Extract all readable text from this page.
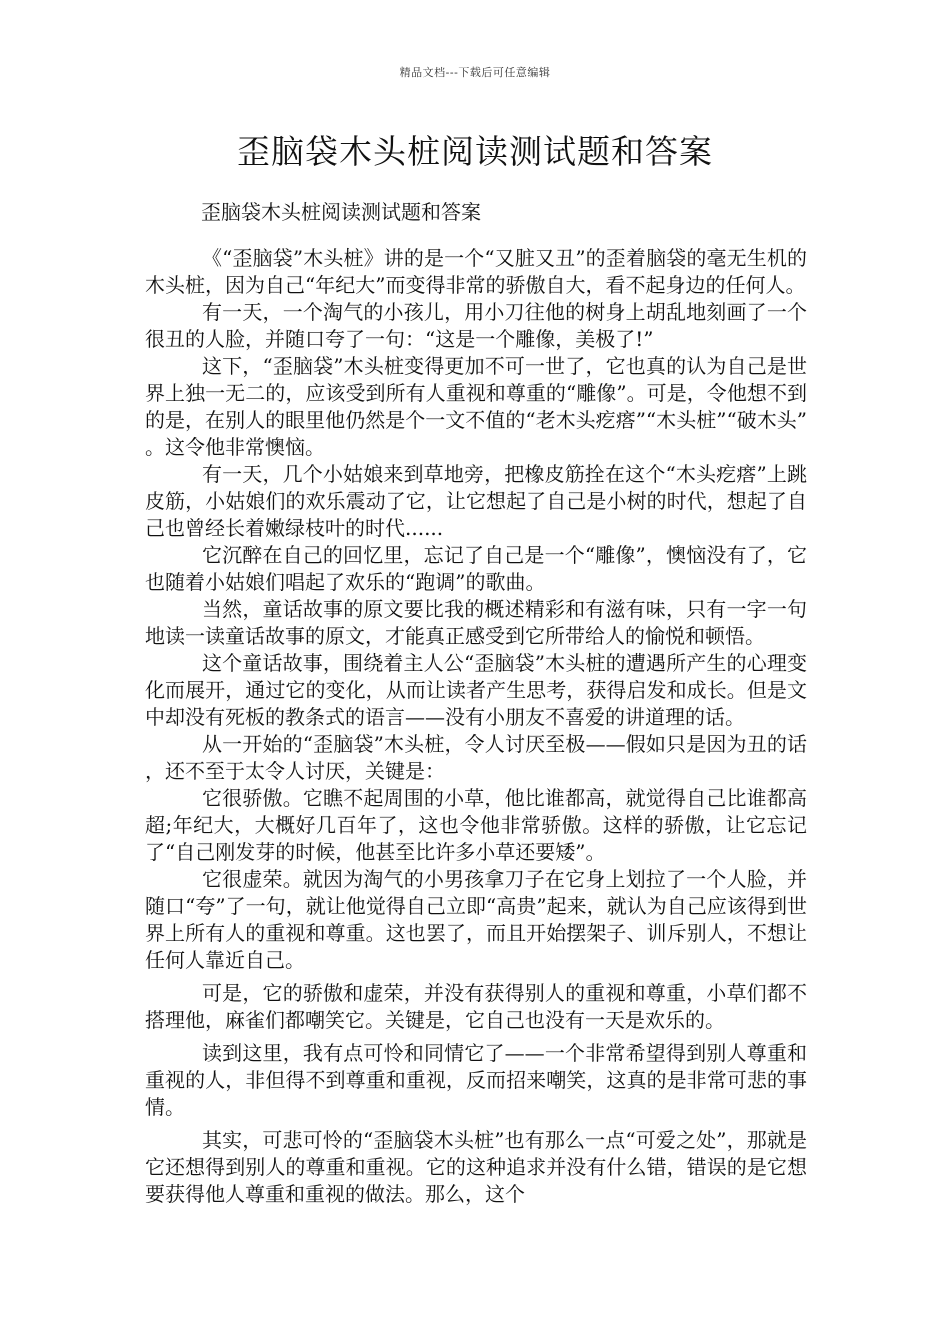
精品文档---下载后可任意编辑
歪脑袋木头桩阅读测试题和答案

歪脑袋木头桩阅读测试题和答案

《“歪脑袋”木头桩》讲的是一个“又脏又丑”的歪着脑袋的毫无生机的木头桩，因为自己“年纪大”而变得非常的骄傲自大，看不起身边的任何人。

有一天，一个淘气的小孩儿，用小刀往他的树身上胡乱地刻画了一个很丑的人脸，并随口夸了一句：“这是一个雕像，美极了!”

这下，“歪脑袋”木头桩变得更加不可一世了，它也真的认为自己是世界上独一无二的，应该受到所有人重视和尊重的“雕像”。可是，令他想不到的是，在别人的眼里他仍然是个一文不值的“老木头疙瘩”“木头桩”“破木头”。这令他非常懊恼。

有一天，几个小姑娘来到草地旁，把橡皮筋拴在这个“木头疙瘩”上跳皮筋，小姑娘们的欢乐震动了它，让它想起了自己是小树的时代，想起了自己也曾经长着嫩绿枝叶的时代......

它沉醉在自己的回忆里，忘记了自己是一个“雕像”，懊恼没有了，它也随着小姑娘们唱起了欢乐的“跑调”的歌曲。

当然，童话故事的原文要比我的概述精彩和有滋有味，只有一字一句地读一读童话故事的原文，才能真正感受到它所带给人的愉悦和顿悟。

这个童话故事，围绕着主人公“歪脑袋”木头桩的遭遇所产生的心理变化而展开，通过它的变化，从而让读者产生思考，获得启发和成长。但是文中却没有死板的教条式的语言——没有小朋友不喜爱的讲道理的话。

从一开始的“歪脑袋”木头桩，令人讨厌至极——假如只是因为丑的话，还不至于太令人讨厌，关键是：

它很骄傲。它瞧不起周围的小草，他比谁都高，就觉得自己比谁都高超;年纪大，大概好几百年了，这也令他非常骄傲。这样的骄傲，让它忘记了“自己刚发芽的时候，他甚至比许多小草还要矮”。

它很虚荣。就因为淘气的小男孩拿刀子在它身上划拉了一个人脸，并随口“夸”了一句，就让他觉得自己立即“高贵”起来，就认为自己应该得到世界上所有人的重视和尊重。这也罢了，而且开始摆架子、训斥别人，不想让任何人靠近自己。

可是，它的骄傲和虚荣，并没有获得别人的重视和尊重，小草们都不搭理他，麻雀们都嘲笑它。关键是，它自己也没有一天是欢乐的。

读到这里，我有点可怜和同情它了——一个非常希望得到别人尊重和重视的人，非但得不到尊重和重视，反而招来嘲笑，这真的是非常可悲的事情。

其实，可悲可怜的“歪脑袋木头桩”也有那么一点“可爱之处”，那就是它还想得到别人的尊重和重视。它的这种追求并没有什么错，错误的是它想要获得他人尊重和重视的做法。那么，这个
